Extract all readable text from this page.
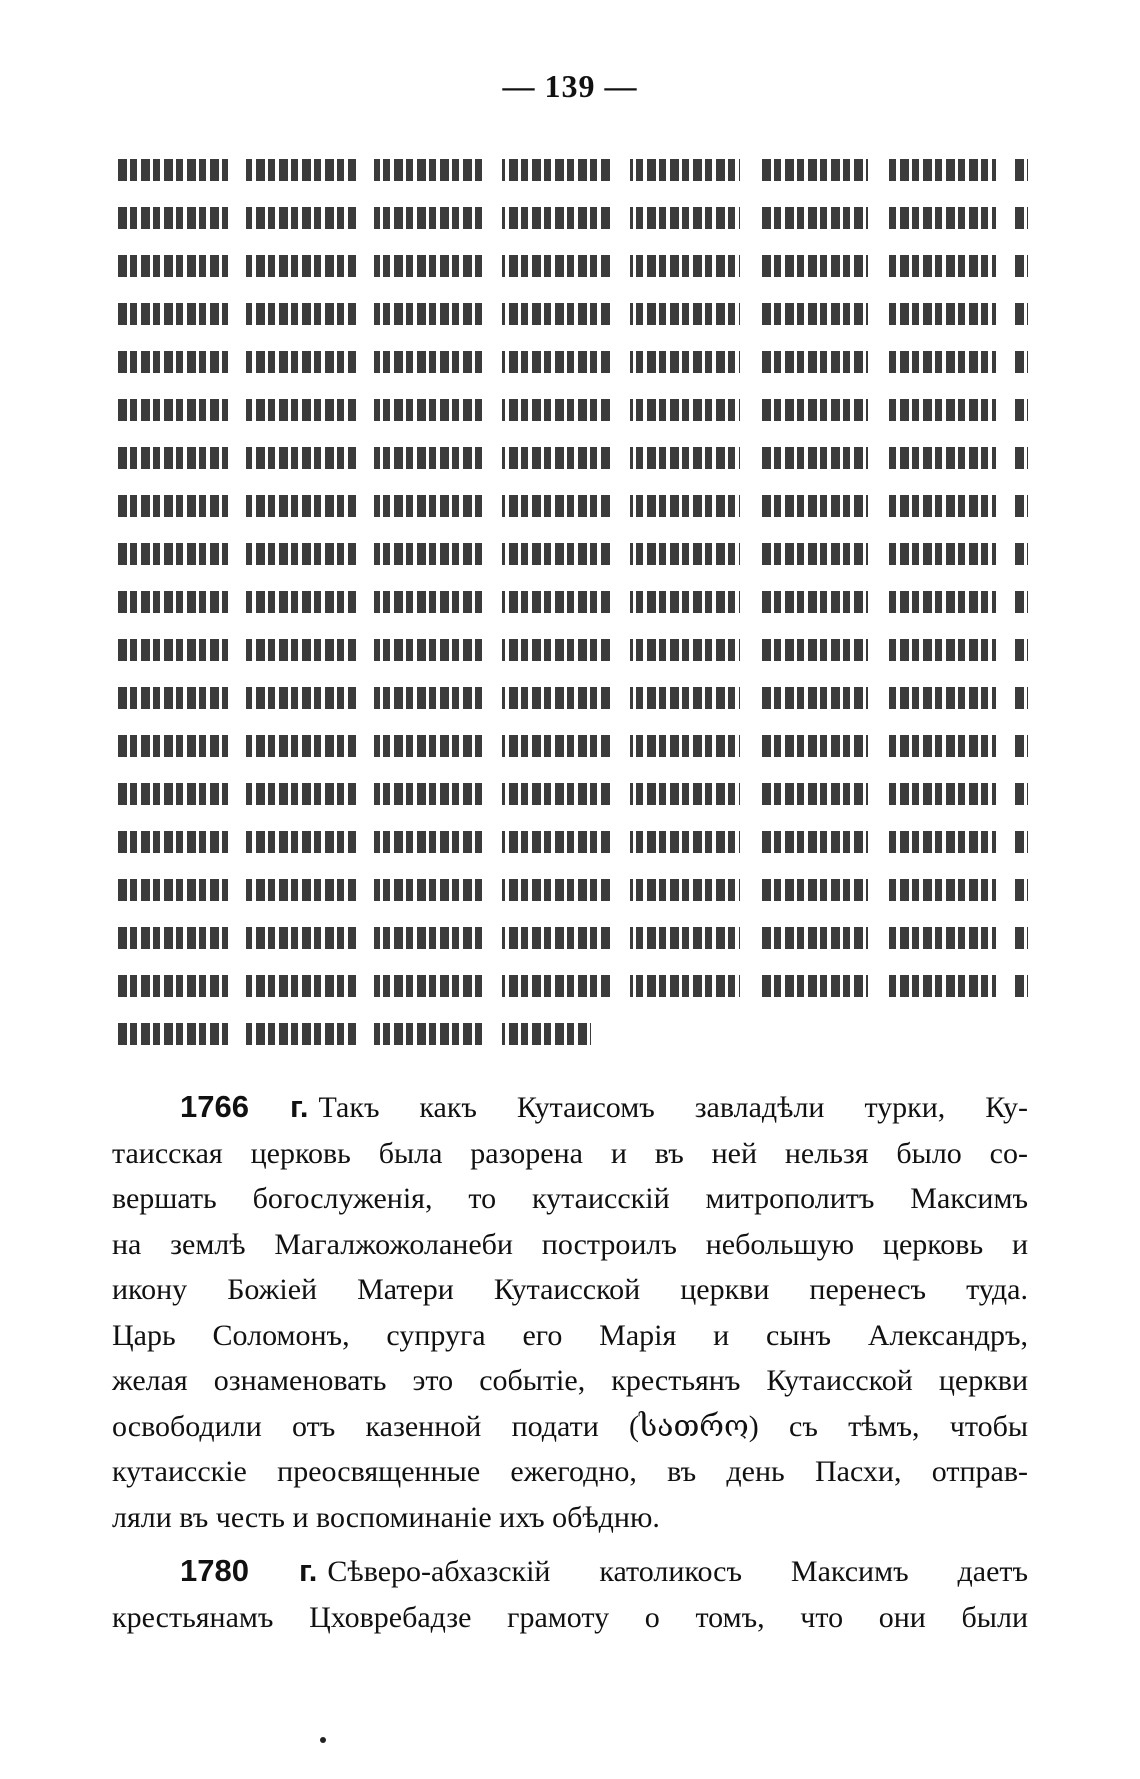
— 139 —

1766 г. Такъ какъ Кутаисомъ завладѣли турки, Ку-
таисская церковь была разорена и въ ней нельзя было со-
вершать богослуженія, то кутаисскій митрополитъ Максимъ
на землѣ Магалжожоланеби построилъ небольшую церковь и
икону Божіей Матери Кутаисской церкви перенесъ туда.
Царь Соломонъ, супруга его Марія и сынъ Александръ,
желая ознаменовать это событіе, крестьянъ Кутаисской церкви
освободили отъ казенной подати (სათრო) съ тѣмъ, чтобы
кутаисскіе преосвященные ежегодно, въ день Пасхи, отправ-
ляли въ честь и воспоминаніе ихъ обѣдню.

1780 г. Сѣверо-абхазскій католикосъ Максимъ даетъ
крестьянамъ Цховребадзе грамоту о томъ, что они были
